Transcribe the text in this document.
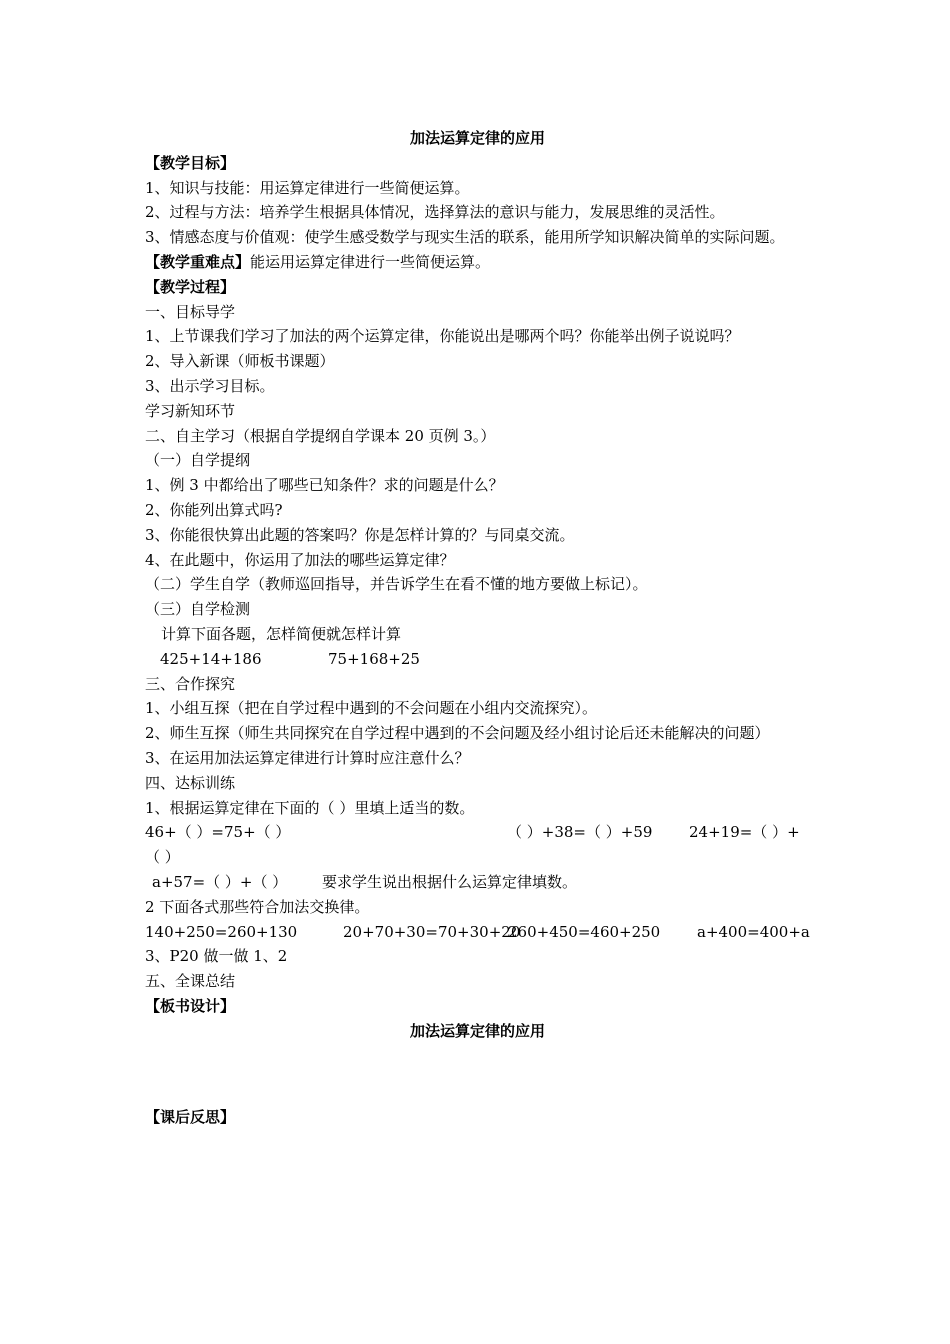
加法运算定律的应用
【教学目标】
1、知识与技能：用运算定律进行一些简便运算。
2、过程与方法：培养学生根据具体情况，选择算法的意识与能力，发展思维的灵活性。
3、情感态度与价值观：使学生感受数学与现实生活的联系，能用所学知识解决简单的实际问题。
【教学重难点】能运用运算定律进行一些简便运算。
【教学过程】
一、目标导学
1、上节课我们学习了加法的两个运算定律，你能说出是哪两个吗？你能举出例子说说吗？
2、导入新课（师板书课题）
3、出示学习目标。
学习新知环节
二、自主学习（根据自学提纲自学课本 20 页例 3。）
（一）自学提纲
1、例 3 中都给出了哪些已知条件？求的问题是什么？
2、你能列出算式吗?
3、你能很快算出此题的答案吗？你是怎样计算的？与同桌交流。
4、在此题中，你运用了加法的哪些运算定律？
（二）学生自学（教师巡回指导，并告诉学生在看不懂的地方要做上标记）。
（三）自学检测
计算下面各题，怎样简便就怎样计算
425+14+186	75+168+25
三、合作探究
1、小组互探（把在自学过程中遇到的不会问题在小组内交流探究）。
2、师生互探（师生共同探究在自学过程中遇到的不会问题及经小组讨论后还未能解决的问题）
3、在运用加法运算定律进行计算时应注意什么？
四、达标训练
1、根据运算定律在下面的（ ）里填上适当的数。
46+（ ）=75+（ ）	（ ）+38=（ ）+59 24+19=（ ）+
（ ）
a+57=（ ）+（ ） 要求学生说出根据什么运算定律填数。
2 下面各式那些符合加法交换律。
140+250=260+130	20+70+30=70+30+20260+450=460+250 a+400=400+a
3、P20 做一做 1、2
五、全课总结
【板书设计】
加法运算定律的应用
【课后反思】
